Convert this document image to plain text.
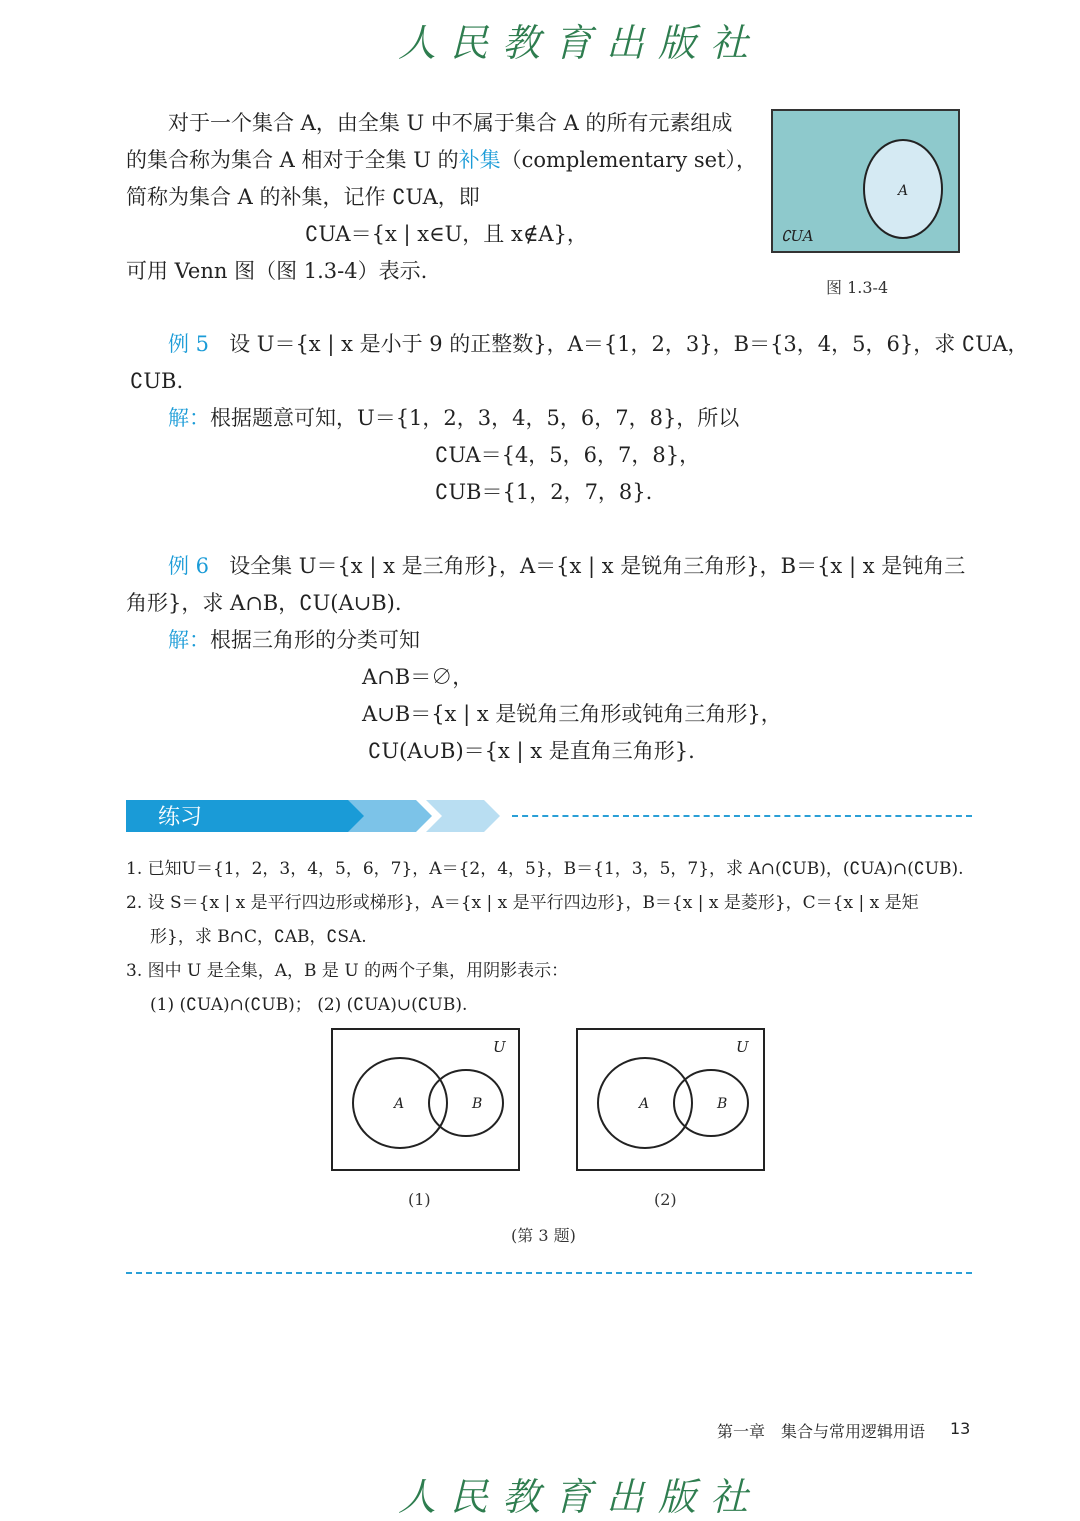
人民教育出版社
对于一个集合 A，由全集 U 中不属于集合 A 的所有元素组成
的集合称为集合 A 相对于全集 U 的补集（complementary set），
简称为集合 A 的补集，记作 ∁UA，即
∁UA＝{x | x∈U，且 x∉A}，
可用 Venn 图（图 1.3-4）表示.
A
∁UA
图 1.3-4
例 5 设 U＝{x | x 是小于 9 的正整数}，A＝{1，2，3}，B＝{3，4，5，6}，求 ∁UA，
∁UB.
解：根据题意可知，U＝{1，2，3，4，5，6，7，8}，所以
∁UA＝{4，5，6，7，8}，
∁UB＝{1，2，7，8}.
例 6 设全集 U＝{x | x 是三角形}，A＝{x | x 是锐角三角形}，B＝{x | x 是钝角三
角形}，求 A∩B，∁U(A∪B).
解：根据三角形的分类可知
A∩B＝∅，
A∪B＝{x | x 是锐角三角形或钝角三角形}，
∁U(A∪B)＝{x | x 是直角三角形}.
练习
1. 已知U＝{1，2，3，4，5，6，7}，A＝{2，4，5}，B＝{1，3，5，7}，求 A∩(∁UB)，(∁UA)∩(∁UB).
2. 设 S＝{x | x 是平行四边形或梯形}，A＝{x | x 是平行四边形}，B＝{x | x 是菱形}，C＝{x | x 是矩
形}，求 B∩C，∁AB，∁SA.
3. 图中 U 是全集，A，B 是 U 的两个子集，用阴影表示：
(1) (∁UA)∩(∁UB)； (2) (∁UA)∪(∁UB).
U
A	B
(1)
U
A	B
(2)
(第 3 题)
第一章　集合与常用逻辑用语 13
人民教育出版社
